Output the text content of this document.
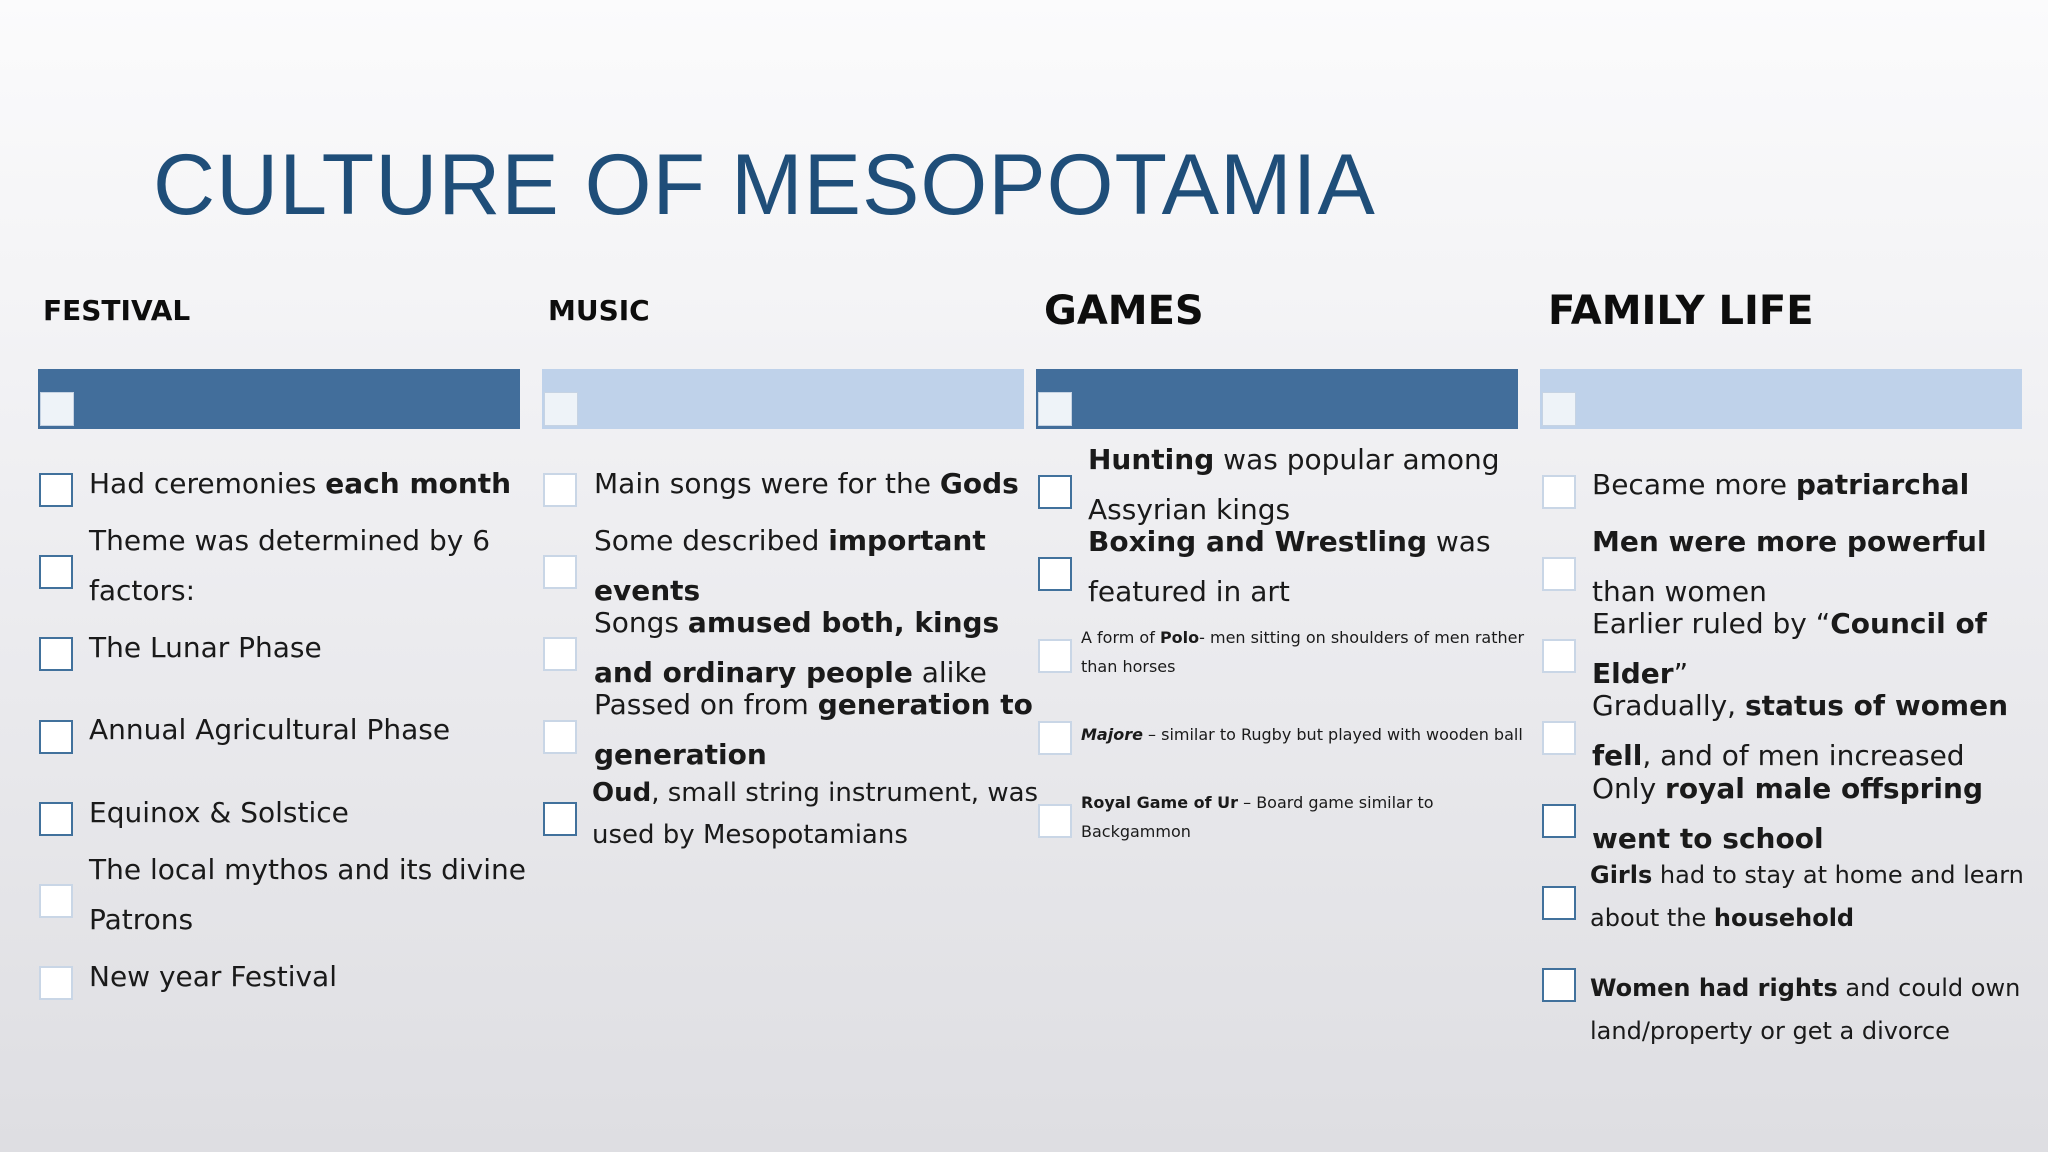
CULTURE OF MESOPOTAMIA
FESTIVAL	MUSIC	GAMES	FAMILY LIFE

Had ceremonies each month

Theme was determined by 6

factors:

The Lunar Phase

Annual Agricultural Phase

Equinox & Solstice

The local mythos and its divine

Patrons

New year Festival

Main songs were for the Gods

Some described important

events

Songs amused both, kings

and ordinary people alike

Passed on from generation to

generation

Oud, small string instrument, was

used by Mesopotamians

Hunting was popular among

Assyrian kings

Boxing and Wrestling was

featured in art

A form of Polo- men sitting on shoulders of men rather

than horses

Majore – similar to Rugby but played with wooden ball

Royal Game of Ur – Board game similar to

Backgammon

Became more patriarchal

Men were more powerful

than women

Earlier ruled by “Council of

Elder”

Gradually, status of women

fell, and of men increased

Only royal male offspring

went to school

Girls had to stay at home and learn

about the household

Women had rights and could own

land/property or get a divorce
